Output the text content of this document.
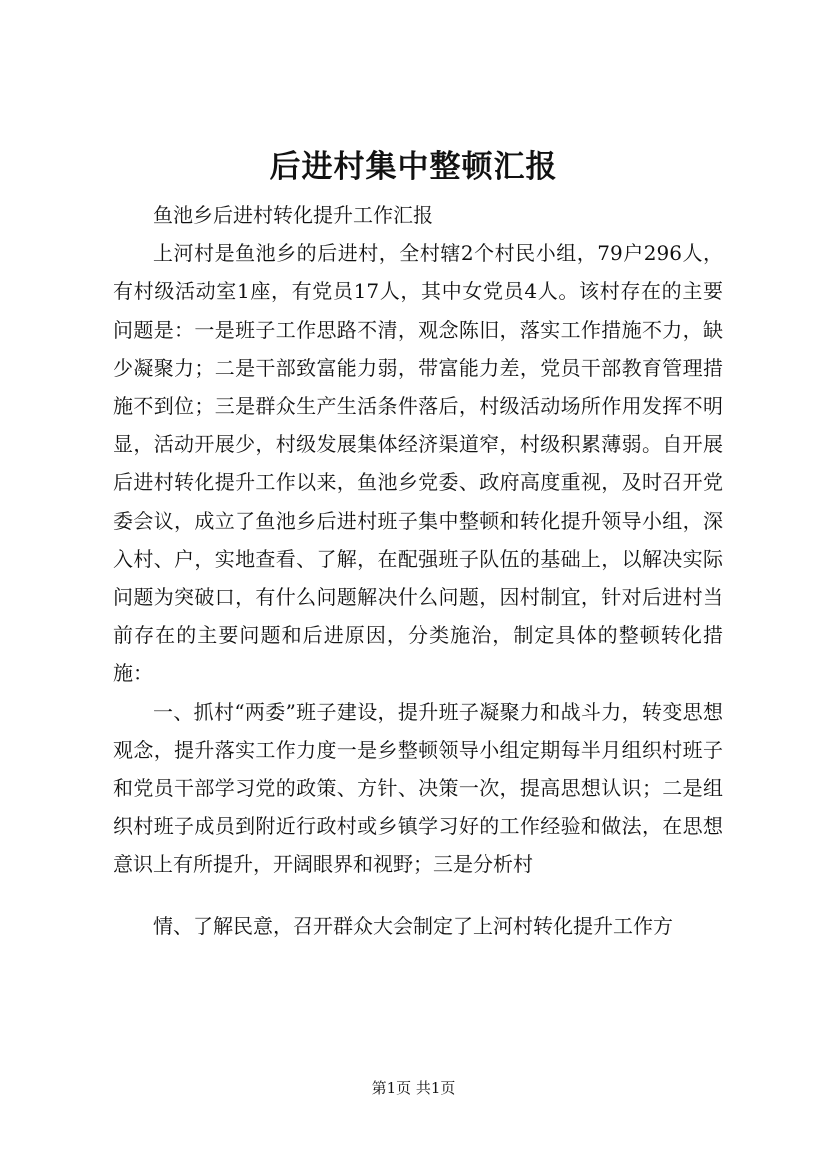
后进村集中整顿汇报

鱼池乡后进村转化提升工作汇报

上河村是鱼池乡的后进村，全村辖2个村民小组，79户296人，有村级活动室1座，有党员17人，其中女党员4人。该村存在的主要问题是：一是班子工作思路不清，观念陈旧，落实工作措施不力，缺少凝聚力；二是干部致富能力弱，带富能力差，党员干部教育管理措施不到位；三是群众生产生活条件落后，村级活动场所作用发挥不明显，活动开展少，村级发展集体经济渠道窄，村级积累薄弱。自开展后进村转化提升工作以来，鱼池乡党委、政府高度重视，及时召开党委会议，成立了鱼池乡后进村班子集中整顿和转化提升领导小组，深入村、户，实地查看、了解，在配强班子队伍的基础上，以解决实际问题为突破口，有什么问题解决什么问题，因村制宜，针对后进村当前存在的主要问题和后进原因，分类施治，制定具体的整顿转化措施：

一、抓村“两委”班子建设，提升班子凝聚力和战斗力，转变思想观念，提升落实工作力度一是乡整顿领导小组定期每半月组织村班子和党员干部学习党的政策、方针、决策一次，提高思想认识；二是组织村班子成员到附近行政村或乡镇学习好的工作经验和做法，在思想意识上有所提升，开阔眼界和视野；三是分析村

情、了解民意，召开群众大会制定了上河村转化提升工作方

第1页 共1页
